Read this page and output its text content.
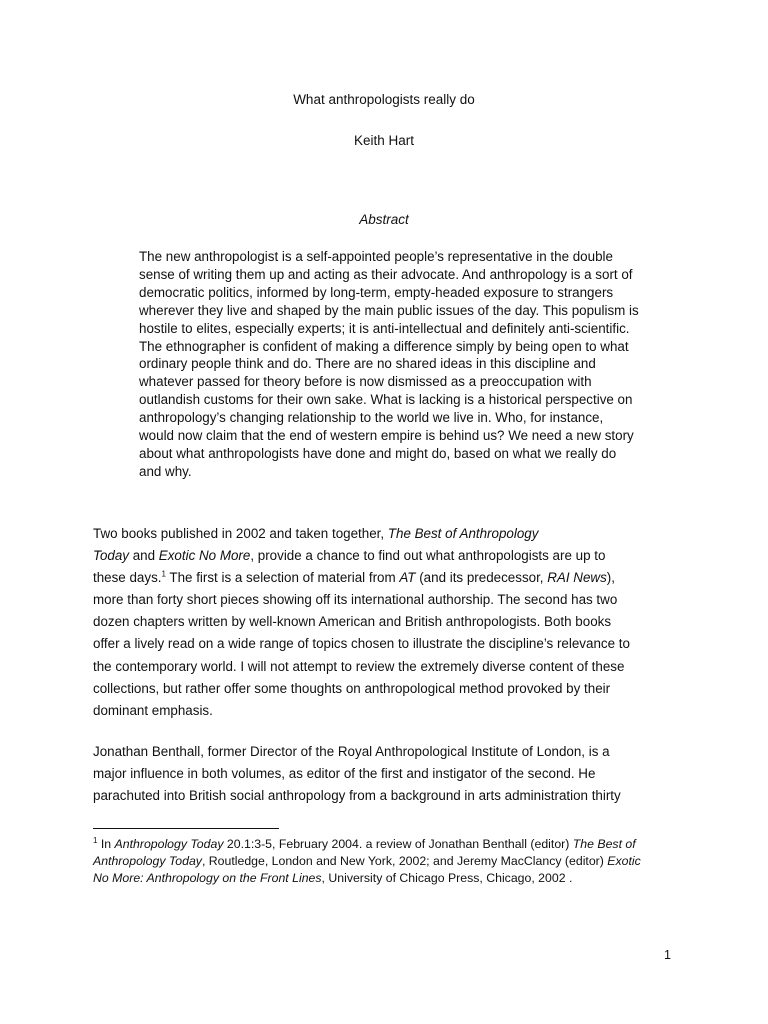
What anthropologists really do
Keith Hart
Abstract
The new anthropologist is a self-appointed people’s representative in the double
sense of writing them up and acting as their advocate. And anthropology is a sort of
democratic politics, informed by long-term, empty-headed exposure to strangers
wherever they live and shaped by the main public issues of the day. This populism is
hostile to elites, especially experts; it is anti-intellectual and definitely anti-scientific.
The ethnographer is confident of making a difference simply by being open to what
ordinary people think and do. There are no shared ideas in this discipline and
whatever passed for theory before is now dismissed as a preoccupation with
outlandish customs for their own sake. What is lacking is a historical perspective on
anthropology’s changing relationship to the world we live in. Who, for instance,
would now claim that the end of western empire is behind us? We need a new story
about what anthropologists have done and might do, based on what we really do
and why.
Two books published in 2002 and taken together, The Best of Anthropology
Today and Exotic No More, provide a chance to find out what anthropologists are up to
these days.$^1$ The first is a selection of material from AT (and its predecessor, RAI News),
more than forty short pieces showing off its international authorship. The second has two
dozen chapters written by well-known American and British anthropologists. Both books
offer a lively read on a wide range of topics chosen to illustrate the discipline’s relevance to
the contemporary world. I will not attempt to review the extremely diverse content of these
collections, but rather offer some thoughts on anthropological method provoked by their
dominant emphasis.
Jonathan Benthall, former Director of the Royal Anthropological Institute of London, is a
major influence in both volumes, as editor of the first and instigator of the second. He
parachuted into British social anthropology from a background in arts administration thirty
$^1$ In Anthropology Today 20.1:3-5, February 2004. a review of Jonathan Benthall (editor) The Best of
Anthropology Today, Routledge, London and New York, 2002; and Jeremy MacClancy (editor) Exotic
No More: Anthropology on the Front Lines, University of Chicago Press, Chicago, 2002 .
1
